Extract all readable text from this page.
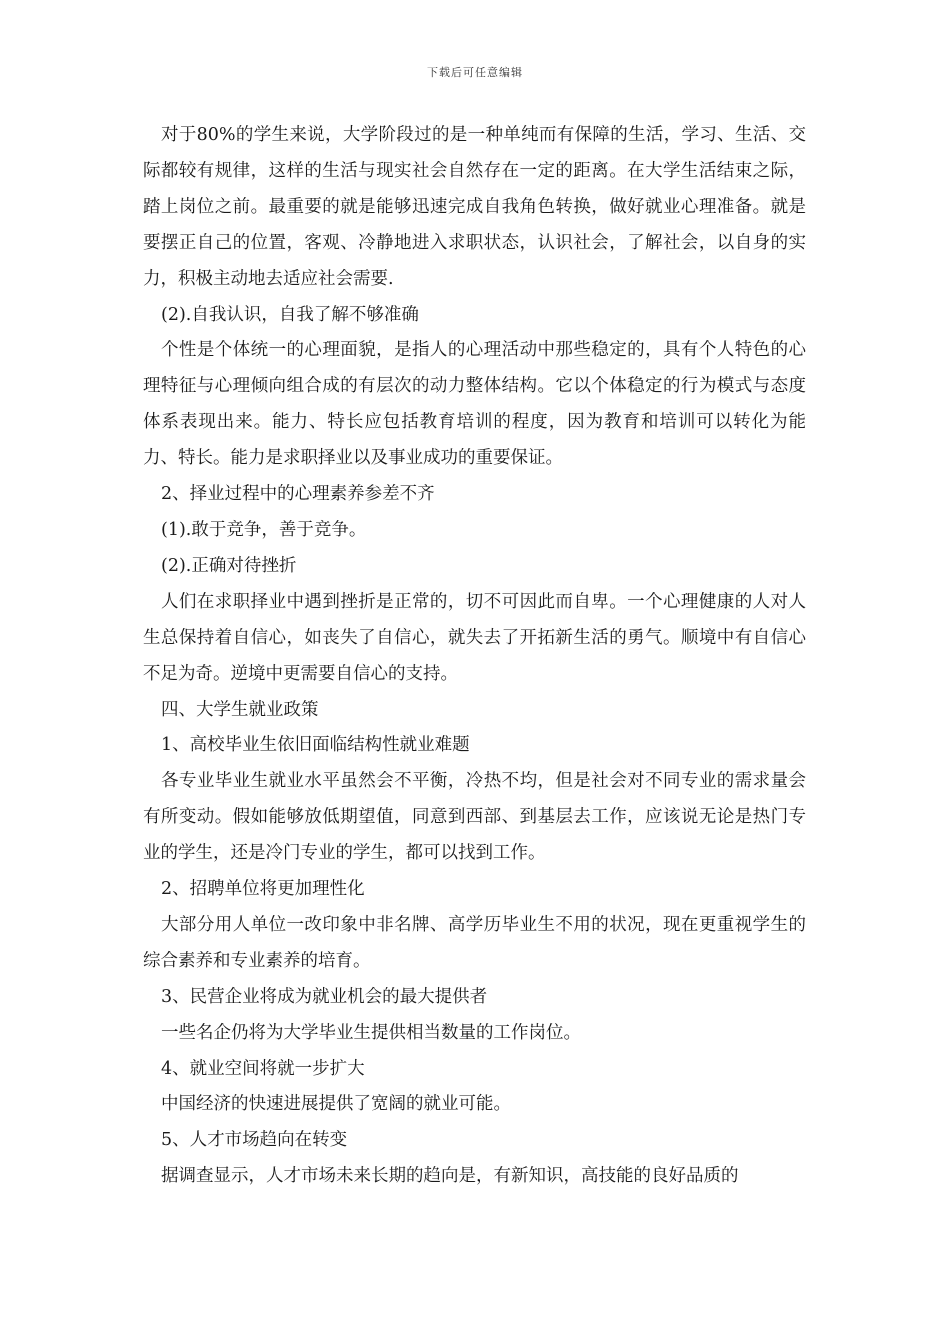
下载后可任意编辑

对于80%的学生来说，大学阶段过的是一种单纯而有保障的生活，学习、生活、交际都较有规律，这样的生活与现实社会自然存在一定的距离。在大学生活结束之际，踏上岗位之前。最重要的就是能够迅速完成自我角色转换，做好就业心理准备。就是要摆正自己的位置，客观、冷静地进入求职状态，认识社会，了解社会，以自身的实力，积极主动地去适应社会需要.

(2).自我认识，自我了解不够准确

个性是个体统一的心理面貌，是指人的心理活动中那些稳定的，具有个人特色的心理特征与心理倾向组合成的有层次的动力整体结构。它以个体稳定的行为模式与态度体系表现出来。能力、特长应包括教育培训的程度，因为教育和培训可以转化为能力、特长。能力是求职择业以及事业成功的重要保证。

2、择业过程中的心理素养参差不齐

(1).敢于竞争，善于竞争。

(2).正确对待挫折

人们在求职择业中遇到挫折是正常的，切不可因此而自卑。一个心理健康的人对人生总保持着自信心，如丧失了自信心，就失去了开拓新生活的勇气。顺境中有自信心不足为奇。逆境中更需要自信心的支持。

四、大学生就业政策

1、高校毕业生依旧面临结构性就业难题

各专业毕业生就业水平虽然会不平衡，冷热不均，但是社会对不同专业的需求量会有所变动。假如能够放低期望值，同意到西部、到基层去工作，应该说无论是热门专业的学生，还是冷门专业的学生，都可以找到工作。

2、招聘单位将更加理性化

大部分用人单位一改印象中非名牌、高学历毕业生不用的状况，现在更重视学生的综合素养和专业素养的培育。

3、民营企业将成为就业机会的最大提供者

一些名企仍将为大学毕业生提供相当数量的工作岗位。

4、就业空间将就一步扩大

中国经济的快速进展提供了宽阔的就业可能。

5、人才市场趋向在转变

据调查显示，人才市场未来长期的趋向是，有新知识，高技能的良好品质的
